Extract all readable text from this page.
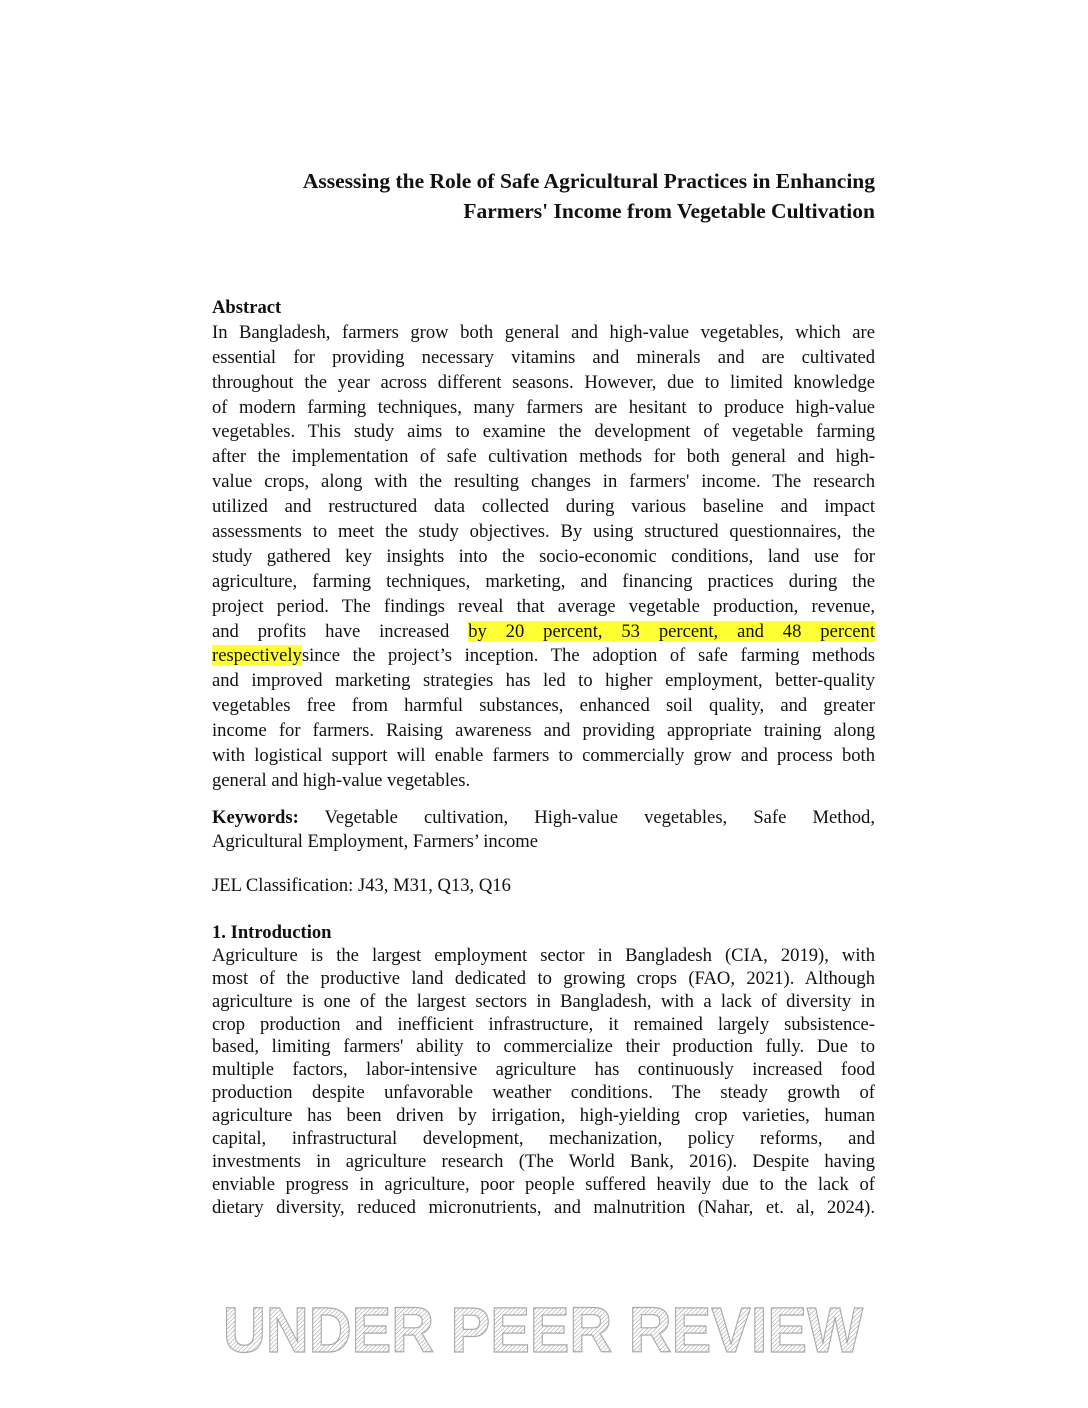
Assessing the Role of Safe Agricultural Practices in Enhancing
Farmers' Income from Vegetable Cultivation
Abstract
In Bangladesh, farmers grow both general and high-value vegetables, which are
essential for providing necessary vitamins and minerals and are cultivated
throughout the year across different seasons. However, due to limited knowledge
of modern farming techniques, many farmers are hesitant to produce high-value
vegetables. This study aims to examine the development of vegetable farming
after the implementation of safe cultivation methods for both general and high-
value crops, along with the resulting changes in farmers' income. The research
utilized and restructured data collected during various baseline and impact
assessments to meet the study objectives. By using structured questionnaires, the
study gathered key insights into the socio-economic conditions, land use for
agriculture, farming techniques, marketing, and financing practices during the
project period. The findings reveal that average vegetable production, revenue,
and profits have increased by 20 percent, 53 percent, and 48 percent
respectivelysince the project’s inception. The adoption of safe farming methods
and improved marketing strategies has led to higher employment, better-quality
vegetables free from harmful substances, enhanced soil quality, and greater
income for farmers. Raising awareness and providing appropriate training along
with logistical support will enable farmers to commercially grow and process both
general and high-value vegetables.
Keywords: Vegetable cultivation, High-value vegetables, Safe Method,
Agricultural Employment, Farmers’ income
JEL Classification: J43, M31, Q13, Q16
1. Introduction
Agriculture is the largest employment sector in Bangladesh (CIA, 2019), with
most of the productive land dedicated to growing crops (FAO, 2021). Although
agriculture is one of the largest sectors in Bangladesh, with a lack of diversity in
crop production and inefficient infrastructure, it remained largely subsistence-
based, limiting farmers' ability to commercialize their production fully. Due to
multiple factors, labor-intensive agriculture has continuously increased food
production despite unfavorable weather conditions. The steady growth of
agriculture has been driven by irrigation, high-yielding crop varieties, human
capital, infrastructural development, mechanization, policy reforms, and
investments in agriculture research (The World Bank, 2016). Despite having
enviable progress in agriculture, poor people suffered heavily due to the lack of
dietary diversity, reduced micronutrients, and malnutrition (Nahar, et. al, 2024).
UNDER PEER REVIEW
